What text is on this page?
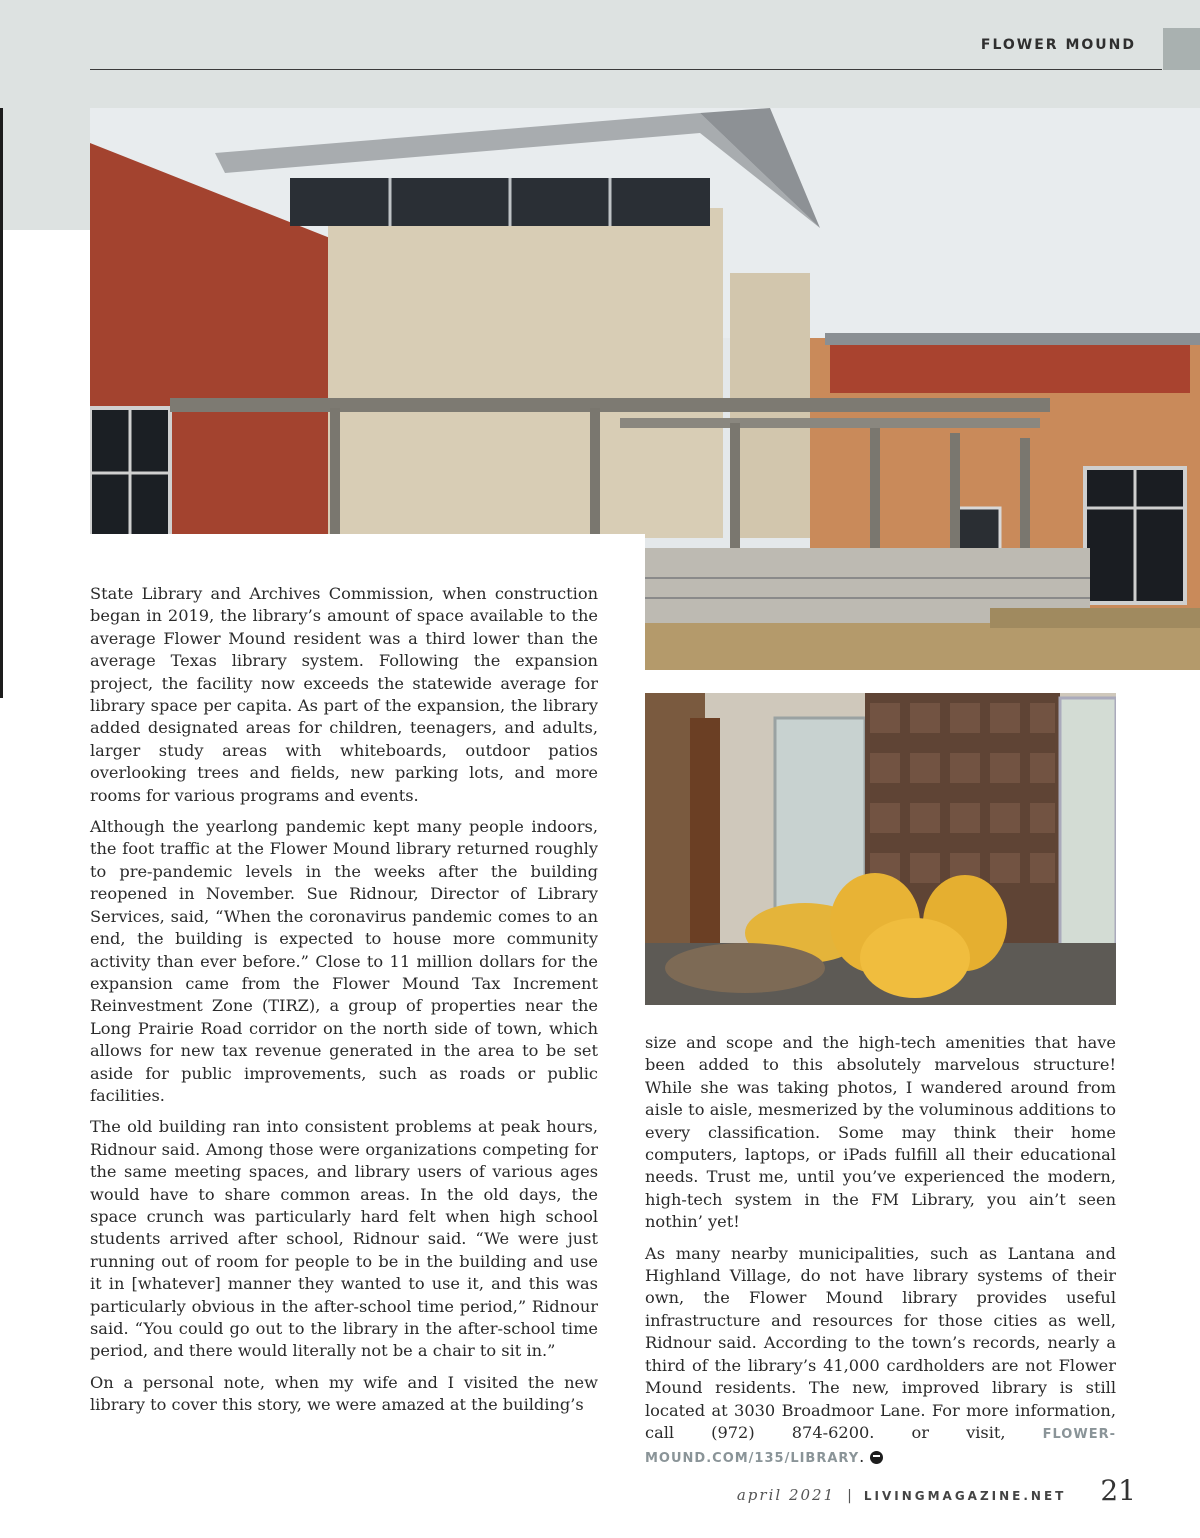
FLOWER MOUND

State Library and Archives Commission, when construction began in 2019, the library’s amount of space available to the average Flower Mound resident was a third lower than the average Texas library system. Following the expansion project, the facility now exceeds the statewide average for library space per capita. As part of the expansion, the library added designated areas for children, teenagers, and adults, larger study areas with whiteboards, outdoor patios overlooking trees and fields, new parking lots, and more rooms for various programs and events.

Although the yearlong pandemic kept many people indoors, the foot traffic at the Flower Mound library returned roughly to pre-pandemic levels in the weeks after the building reopened in November. Sue Ridnour, Director of Library Services, said, “When the coronavirus pandemic comes to an end, the building is expected to house more community activity than ever before.” Close to 11 million dollars for the expansion came from the Flower Mound Tax Increment Reinvestment Zone (TIRZ), a group of properties near the Long Prairie Road corridor on the north side of town, which allows for new tax revenue generated in the area to be set aside for public improvements, such as roads or public facilities.

The old building ran into consistent problems at peak hours, Ridnour said. Among those were organizations competing for the same meeting spaces, and library users of various ages would have to share common areas. In the old days, the space crunch was particularly hard felt when high school students arrived after school, Ridnour said. “We were just running out of room for people to be in the building and use it in [whatever] manner they wanted to use it, and this was particularly obvious in the after-school time period,” Ridnour said. “You could go out to the library in the after-school time period, and there would literally not be a chair to sit in.”

On a personal note, when my wife and I visited the new library to cover this story, we were amazed at the building’s

size and scope and the high-tech amenities that have been added to this absolutely marvelous structure! While she was taking photos, I wandered around from aisle to aisle, mesmerized by the voluminous additions to every classification. Some may think their home computers, laptops, or iPads fulfill all their educational needs. Trust me, until you’ve experienced the modern, high-tech system in the FM Library, you ain’t seen nothin’ yet!

As many nearby municipalities, such as Lantana and Highland Village, do not have library systems of their own, the Flower Mound library provides useful infrastructure and resources for those cities as well, Ridnour said. According to the town’s records, nearly a third of the library’s 41,000 cardholders are not Flower Mound residents. The new, improved library is still located at 3030 Broadmoor Lane. For more information, call (972) 874-6200. or visit, FLOWER-MOUND.COM/135/LIBRARY.

april 2021 | LIVINGMAGAZINE.NET 21
